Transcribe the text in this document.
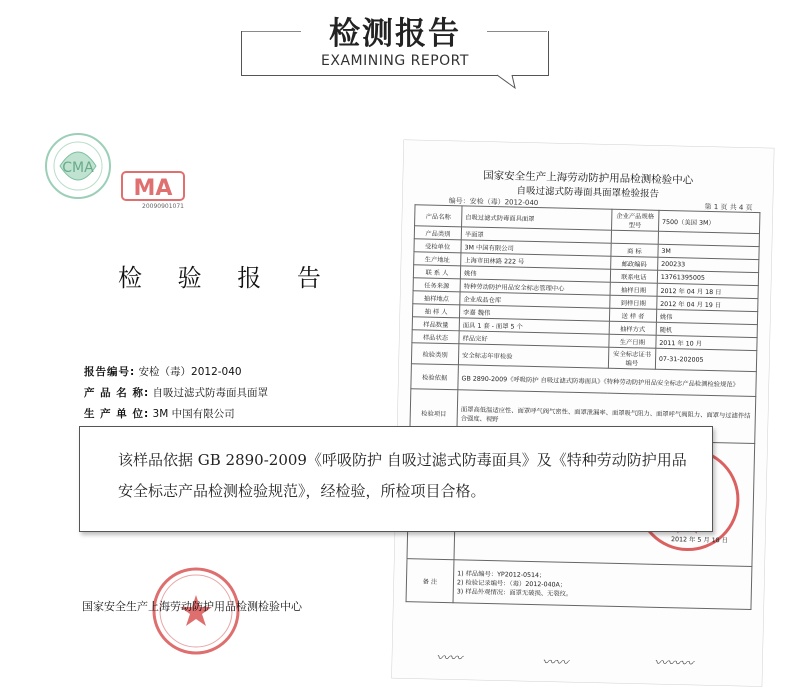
检测报告
EXAMINING REPORT
CMA
MA
20090901071
检 验 报 告
报告编号: 安检（毒）2012-040
产 品 名 称: 自吸过滤式防毒面具面罩
生 产 单 位: 3M 中国有限公司
国家安全生产上海劳动防护用品检测检验中心
国家安全生产上海劳动防护用品检测检验中心
自吸过滤式防毒面具面罩检验报告
编号：安检（毒）2012-040
第 1 页 共 4 页
产品名称	自吸过滤式防毒面具面罩	企业产品规格型号	7500（美国 3M）
产品类别	半面罩		
受检单位	3M 中国有限公司	商 标	3M
生产地址	上海市田林路 222 号	邮政编码	200233
联 系 人	姚伟	联系电话	13761395005
任务来源	特种劳动防护用品安全标志管理中心	抽样日期	2012 年 04 月 18 日
抽样地点	企业成品仓库	到样日期	2012 年 04 月 19 日
抽 样 人	李嘉 魏伟	送 样 者	姚伟
样品数量	面具 1 套 - 面罩 5 个	抽样方式	随机
样品状态	样品完好	生产日期	2011 年 10 月
检验类别	安全标志年审检验	安全标志证书编号	07-31-202005
检验依据	GB 2890-2009《呼吸防护 自吸过滤式防毒面具》《特种劳动防护用品安全标志产品检测检验规范》		
检验项目	面罩高低温适应性、面罩呼气阀气密性、面罩泄漏率、面罩吸气阻力、面罩呼气阀阻力、面罩与过滤件结合强度、视野		

	2012 年 5 月 18 日		

备 注	1) 样品编号：YP2012-0514；
2) 检验记录编号：（毒）2012-040A；
3) 样品外观情况：面罩无破损、无裂纹。		
〰〰	〰〰	〰〰〰
该样品依据 GB 2890-2009《呼吸防护 自吸过滤式防毒面具》及《特种劳动防护用品
安全标志产品检测检验规范》，经检验，所检项目合格。
